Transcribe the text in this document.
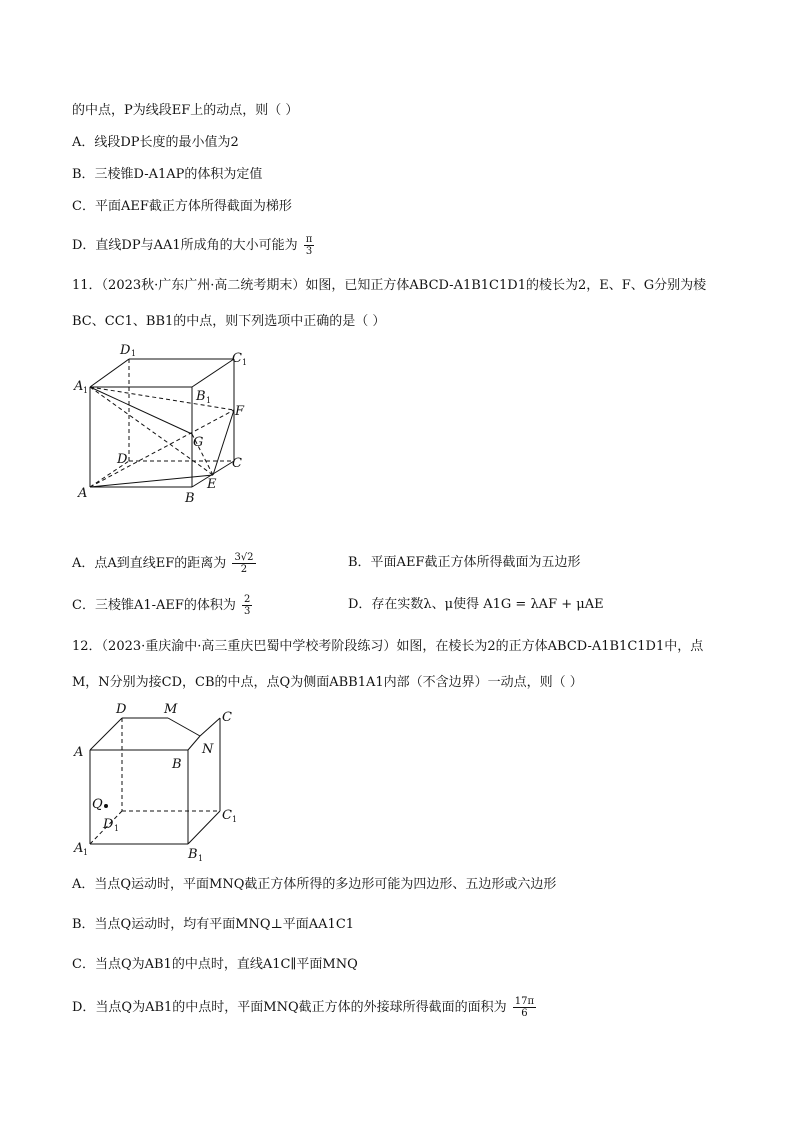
的中点，P为线段EF上的动点，则（ ）
A．线段DP长度的最小值为2
B．三棱锥D-A1AP的体积为定值
C．平面AEF截正方体所得截面为梯形
D．直线DP与AA1所成角的大小可能为 $\frac{\pi}{3}$
11．（2023秋·广东广州·高二统考期末）如图，已知正方体ABCD-A1B1C1D1的棱长为2，E、F、G分别为棱
BC、CC1、BB1的中点，则下列选项中正确的是（ ）
D 1	C 1
A 1	B 1
F
G
D	C
E
A	B
A．点A到直线EF的距离为 $\frac{3√2}{2}$	B．平面AEF截正方体所得截面为五边形
C．三棱锥A1-AEF的体积为 $\frac{2}{3}$	D．存在实数λ、μ使得 A1G = λAF + μAE
12．（2023·重庆渝中·高三重庆巴蜀中学校考阶段练习）如图，在棱长为2的正方体ABCD-A1B1C1D1中，点
M，N分别为接CD，CB的中点，点Q为侧面ABB1A1内部（不含边界）一动点，则（ ）
D	M
C
A	N
B
Q
D 1
C 1
A 1	B 1
A．当点Q运动时，平面MNQ截正方体所得的多边形可能为四边形、五边形或六边形
B．当点Q运动时，均有平面MNQ⊥平面AA1C1
C．当点Q为AB1的中点时，直线A1C∥平面MNQ
D．当点Q为AB1的中点时，平面MNQ截正方体的外接球所得截面的面积为 $\frac{17\pi}{6}$
